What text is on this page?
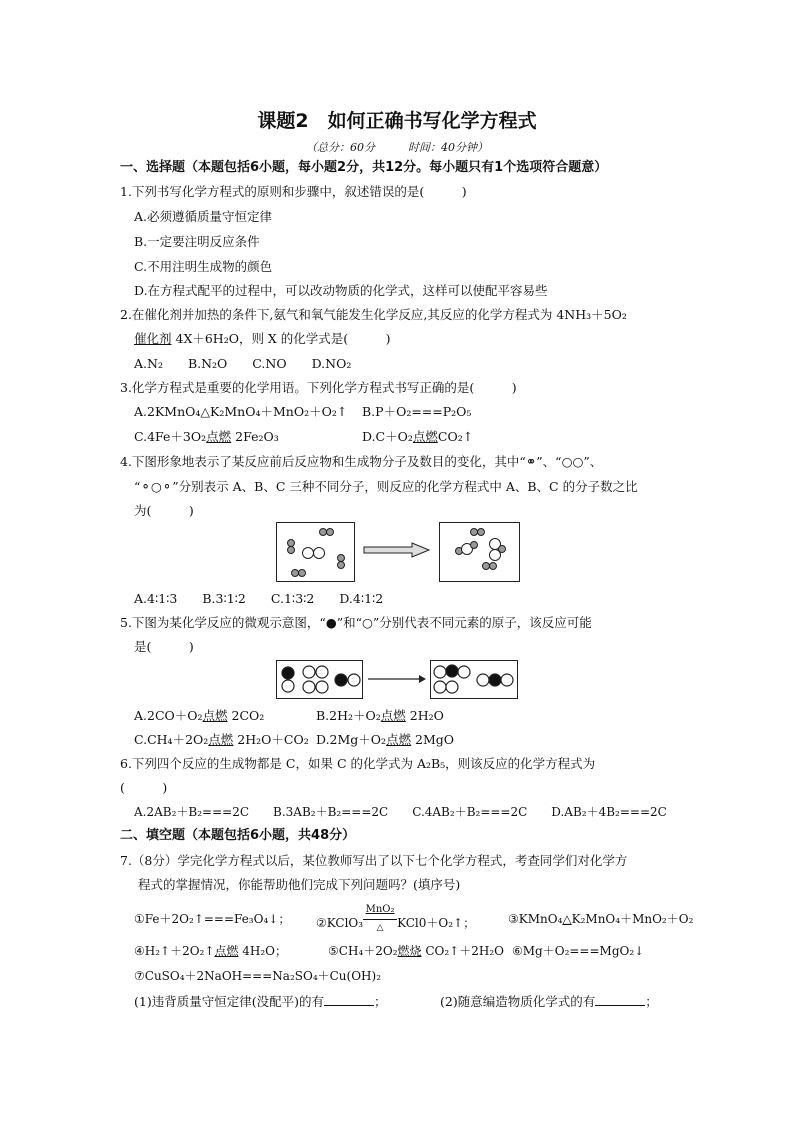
课题2　如何正确书写化学方程式
（总分：60分　　　时间：40分钟）
一、选择题（本题包括6小题，每小题2分，共12分。每小题只有1个选项符合题意）
1.下列书写化学方程式的原则和步骤中，叙述错误的是(　　　)
A.必须遵循质量守恒定律
B.一定要注明反应条件
C.不用注明生成物的颜色
D.在方程式配平的过程中，可以改动物质的化学式，这样可以使配平容易些
2.在催化剂并加热的条件下,氨气和氧气能发生化学反应,其反应的化学方程式为 4NH₃＋5O₂
催化剂 4X＋6H₂O，则 X 的化学式是(　　　)
A.N₂　　B.N₂O　　C.NO　　D.NO₂
3.化学方程式是重要的化学用语。下列化学方程式书写正确的是(　　　)
A.2KMnO₄△K₂MnO₄＋MnO₂＋O₂↑ B.P＋O₂===P₂O₅
C.4Fe＋3O₂点燃 2Fe₂O₃	D.C＋O₂点燃CO₂↑
4.下图形象地表示了某反应前后反应物和生成物分子及数目的变化，其中“⚭”、“○○”、
“⚬○⚬”分别表示 A、B、C 三种不同分子，则反应的化学方程式中 A、B、C 的分子数之比
为(　　　)
A.4∶1∶3　　B.3∶1∶2　　C.1∶3∶2　　D.4∶1∶2
5.下图为某化学反应的微观示意图，“●”和“○”分别代表不同元素的原子，该反应可能
是(　　　)
A.2CO＋O₂点燃 2CO₂	B.2H₂＋O₂点燃 2H₂O
C.CH₄＋2O₂点燃 2H₂O＋CO₂ D.2Mg＋O₂点燃 2MgO
6.下列四个反应的生成物都是 C，如果 C 的化学式为 A₂B₅，则该反应的化学方程式为
(　　　)
A.2AB₂＋B₂===2C　　B.3AB₂＋B₂===2C　　C.4AB₂＋B₂===2C　　D.AB₂＋4B₂===2C
二、填空题（本题包括6小题，共48分）
7.（8分）学完化学方程式以后，某位教师写出了以下七个化学方程式，考查同学们对化学方
程式的掌握情况，你能帮助他们完成下列问题吗？(填序号)
①Fe＋2O₂↑===Fe₃O₄↓； ②KClO₃
MnO₂
△	KCl0＋O₂↑；	③KMnO₄△K₂MnO₄＋MnO₂＋O₂
④H₂↑＋2O₂↑点燃 4H₂O；	⑤CH₄＋2O₂燃烧 CO₂↑＋2H₂O ⑥Mg＋O₂===MgO₂↓
⑦CuSO₄＋2NaOH===Na₂SO₄＋Cu(OH)₂
(1)违背质量守恒定律(没配平)的有	；	(2)随意编造物质化学式的有	；
